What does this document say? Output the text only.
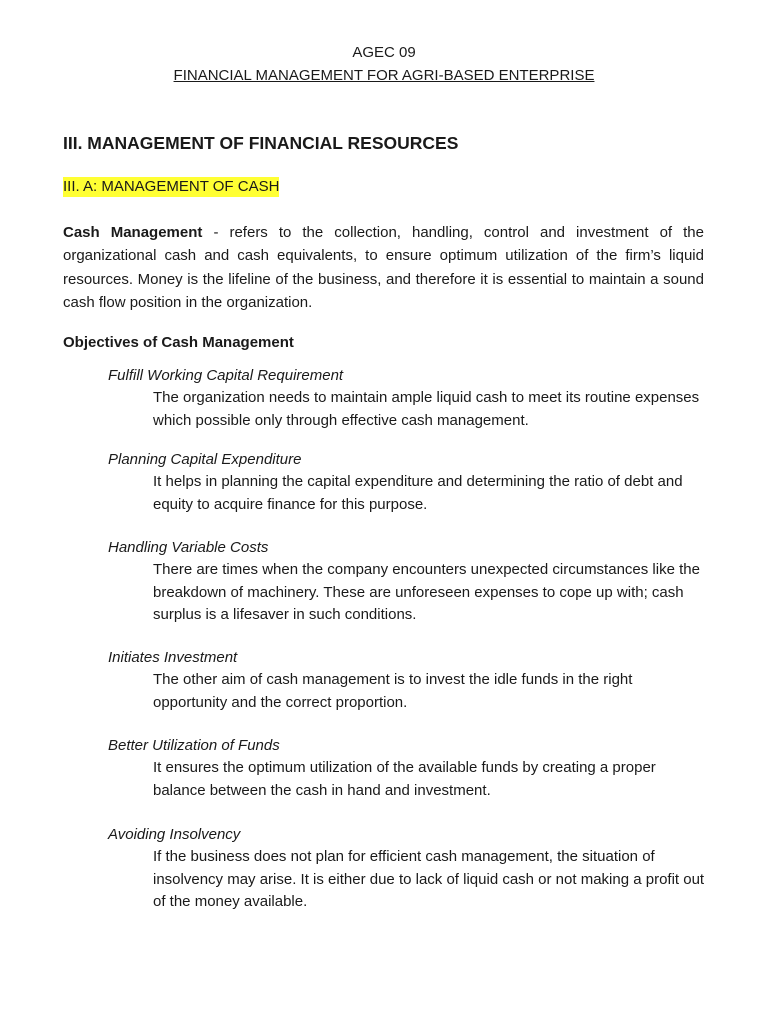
AGEC 09
FINANCIAL MANAGEMENT FOR AGRI-BASED ENTERPRISE
III. MANAGEMENT OF FINANCIAL RESOURCES
III. A: MANAGEMENT OF CASH
Cash Management - refers to the collection, handling, control and investment of the organizational cash and cash equivalents, to ensure optimum utilization of the firm’s liquid resources. Money is the lifeline of the business, and therefore it is essential to maintain a sound cash flow position in the organization.
Objectives of Cash Management
Fulfill Working Capital Requirement
The organization needs to maintain ample liquid cash to meet its routine expenses which possible only through effective cash management.
Planning Capital Expenditure
It helps in planning the capital expenditure and determining the ratio of debt and equity to acquire finance for this purpose.
Handling Variable Costs
There are times when the company encounters unexpected circumstances like the breakdown of machinery. These are unforeseen expenses to cope up with; cash surplus is a lifesaver in such conditions.
Initiates Investment
The other aim of cash management is to invest the idle funds in the right opportunity and the correct proportion.
Better Utilization of Funds
It ensures the optimum utilization of the available funds by creating a proper balance between the cash in hand and investment.
Avoiding Insolvency
If the business does not plan for efficient cash management, the situation of insolvency may arise. It is either due to lack of liquid cash or not making a profit out of the money available.
